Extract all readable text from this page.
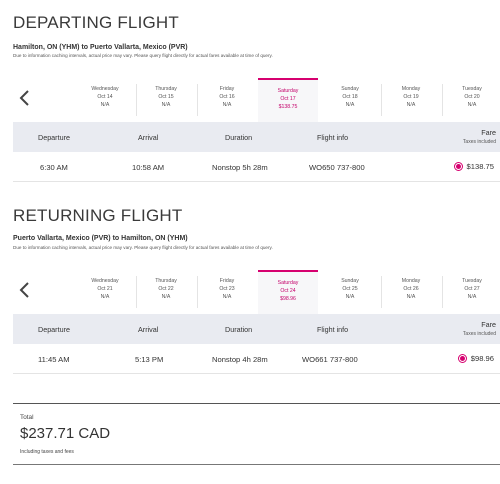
DEPARTING FLIGHT
Hamilton, ON (YHM) to Puerto Vallarta, Mexico (PVR)
Due to information caching intervals, actual price may vary. Please query flight directly for actual fares available at time of query.
Wednesday
Oct 14
N/A
Thursday
Oct 15
N/A
Friday
Oct 16
N/A
Saturday
Oct 17
$138.75
Sunday
Oct 18
N/A
Monday
Oct 19
N/A
Tuesday
Oct 20
N/A
Departure	Arrival	Duration	Flight info
Fare
Taxes included
6:30 AM	10:58 AM	Nonstop 5h 28m	WO650 737-800	$138.75
RETURNING FLIGHT
Puerto Vallarta, Mexico (PVR) to Hamilton, ON (YHM)
Due to information caching intervals, actual price may vary. Please query flight directly for actual fares available at time of query.
Wednesday
Oct 21
N/A
Thursday
Oct 22
N/A
Friday
Oct 23
N/A
Saturday
Oct 24
$98.96
Sunday
Oct 25
N/A
Monday
Oct 26
N/A
Tuesday
Oct 27
N/A
Departure	Arrival	Duration	Flight info
Fare
Taxes included
11:45 AM	5:13 PM	Nonstop 4h 28m	WO661 737-800	$98.96
Total
$237.71 CAD
Including taxes and fees
